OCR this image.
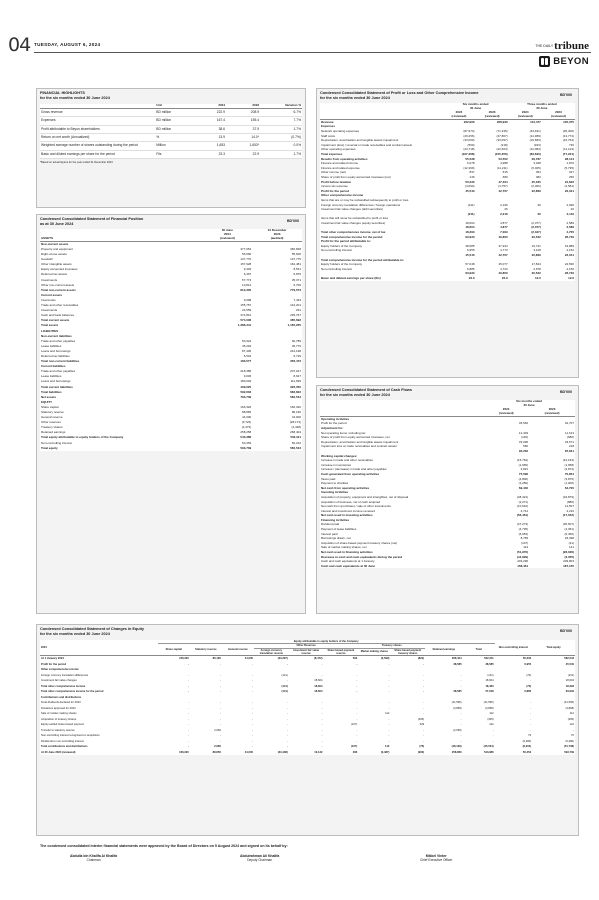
04 TUESDAY, AUGUST 6, 2024	THE DAILYtribune
BEYON
FINANCIAL HIGHLIGHTS
for the six months ended 30 June 2024
	Unit	2024	2023	Variation %
Gross revenue	BD million	222.9	208.9	6.7%
Expenses	BD million	167.4	155.4	7.7%
Profit attributable to Beyon shareholders	BD million	38.6	37.9	1.7%
Return on net worth (Annualized)	%	13.9	14.0*	(0.7%)
Weighted average number of shares outstanding during the period	Million	1,653	1,653*	0.0%
Basic and diluted earnings per share for the period	Fils	23.3	22.9	1.7%
*Based on actual figures for the year ended 31 December 2023
Condensed Consolidated Statement of Financial Position
as at 30 June 2024
BD'000
ASSETS	30 June
2024
(reviewed)	31 December
2023
(audited)
Non-current assets		
Property and equipment	377,054	366,838
Right-of-use assets	55,690	55,606
Goodwill	137,770	137,775
Other intangible assets	157,928	162,481
Equity accounted investees	9,403	8,541
Deferred tax assets	6,497	6,875
Investments	57,774	35,371
Other non-current assets	10,814	6,706
Total non-current assets	812,335	779,573
Current assets		
Inventories	9,098	7,433
Trade and other receivables	155,757	142,201
Investments	24,559	291
Cash and bank balances	374,812	235,767
Total current assets	574,006	385,692
Total assets	1,386,341	1,165,265
LIABILITIES		
Non-current liabilities		
Trade and other payables	50,324	60,789
Lease liabilities	45,294	45,776
Loans and borrowings	87,436	244,198
Deferred tax liabilities	5,523	5,729
Total non-current liabilities	183,577	356,472
Current liabilities		
Trade and other payables	218,386	207,027
Lease liabilities	9,036	8,627
Loans and borrowings	180,603	111,696
Total current liabilities	409,025	326,350
Total liabilities	592,602	682,822
Net assets	793,739	582,543
EQUITY		
Share capital	166,320	166,320
Statutory reserve	88,856	86,190
General reserve	44,000	44,000
Other reserves	(3,723)	(28,173)
Treasury shares	(4,473)	(4,438)
Retained earnings	258,258	268,404
Total equity attributable to equity holders of the Company	543,386	532,311
Non-controlling interest	50,453	50,232
Total equity	593,739	582,543
Condensed Consolidated Statement of Profit or Loss and Other Comprehensive Income
for the six months ended 30 June 2024
BD'000
	Six months ended
30 June		Three months ended
30 June	
	2024
(reviewed)	2023
(reviewed)	2024
(reviewed)	2023
(reviewed)
Revenue	222,906	208,930	113,477	105,375
Expenses				
Network operating expenses	(87,974)	(71,335)	(43,491)	(36,300)
Staff costs	(29,256)	(27,807)	(14,389)	(13,774)
Depreciation, amortisation and tangible assets impairment	(33,060)	(33,097)	(16,683)	(16,764)
Impairment (loss) / reversal on trade receivables and contract assets	(560)	(218)	(333)	730
Other operating expenses	(23,718)	(22,604)	(12,084)	(11,123)
Total expenses	(167,368)	(155,356)	(83,690)	(77,231)
Results from operating activities	55,538	53,552	29,787	28,144
Finance and related income	6,078	4,988	3,048	1,870
Finance and related expense	(12,369)	(11,211)	(6,025)	(5,735)
Other income (net)	837	615	454	327
Share of profit from equity accounted investees (net)	146	680	483	256
Profit before taxation	50,230	47,464	25,335	24,622
Income tax expense	(4,690)	(4,757)	(2,466)	(2,581)
Profit for the period	45,540	42,707	22,869	22,041
Other comprehensive income				
Items that are or may be reclassified subsequently to profit or loss				
Foreign currency translation differences / foreign operations	(211)	2,190	30	2,090
Investment fair value changes (debt securities)		26		26
	(211)	2,216	30	2,116
Items that will never be reclassified to profit or loss				
Investment fair value changes (equity securities)	18,604	4,877	(2,377)	2,589
	18,604	4,877	(2,377)	2,589
Total other comprehensive income, net of tax	18,393	7,093	(2,347)	4,705
Total comprehensive income for the period	63,933	49,800	20,522	26,746
Profit for the period attributable to:				
Equity holders of the Company	38,585	37,934	19,741	19,889
Non-controlling interest	6,955	4,773	3,128	2,152
	45,540	42,707	22,869	22,041
Total comprehensive income for the period attributable to:				
Equity holders of the Company	57,048	45,077	17,844	24,596
Non-controlling interest	6,885	4,723	2,678	2,150
	63,933	49,800	20,522	26,746
Basic and diluted earnings per share (fils)	23.3	22.9	12.0	12.0
Condensed Consolidated Statement of Cash Flows
for the six months ended 30 June 2024
BD'000
	Six months ended
30 June	
	2024
(reviewed)	2023
(reviewed)
Operating Activities		
Profit for the period	45,540	42,707
Adjustment for:		
Net operating items, including tax	12,403	11,613
Share of profit from equity accounted investees, net	(146)	(680)
Depreciation, amortisation and tangible assets impairment	33,095	33,571
Impairment loss on trade receivables and contract assets	560	218
	90,202	87,841
Working capital changes:		
Increase in trade and other receivables	(15,762)	(12,163)
Increase in inventories	(1,665)	(1,958)
Increase / (decrease) in trade and other payables	2,821	(2,874)
Cash generated from operating activities	75,596	70,854
Taxes paid	(4,806)	(3,875)
Payment to charities	(1,250)	(1,000)
Net cash from operating activities	69,440	64,700
Investing Activities		
Acquisition of property, equipment and intangibles, net of disposal	(48,421)	(34,879)
Acquisition of business, net of cash acquired	(2,271)	(880)
Net cash from (purchase) / sale of other investments	(10,610)	14,507
Interest and investment income received	4,741	4,210
Net cash used in investing activities	(56,461)	(17,042)
Financing Activities		
Dividend paid	(47,273)	(35,607)
Payment of lease liabilities	(4,735)	(4,351)
Interest paid	(6,653)	(6,466)
Borrowings drawn, net	8,765	18,398
Acquisition of share-based payment treasury shares (net)	(107)	(31)
Sale of market making shares, net	113	141
Net cash used in financing activities	(51,970)	(28,026)
Decrease in cash and cash equivalents during the period	(44,929)	(3,355)
Cash and cash equivalents at 1 January	203,290	209,803
Cash and cash equivalents at 30 June	158,461	187,155
Condensed Consolidated Statement of Changes in Equity
for the six months ended 30 June 2024
BD'000
2024	Equity attributable to equity holders of the Company										Non-controlling interest	Total equity
	Share capital	Statutory reserve	General reserve	Other Reserves			Treasury shares		Retained earnings	Total		
				Foreign currency translation reserve	Investment fair value reserve	Share based payment reserve	Market making shares	Share based payment treasury shares				
At 1 January 2024	166,320	86,190	44,000	(33,297)	(8,472)	593	(3,599)	(824)	268,404	532,311	50,232	582,543
Profit for the period	-	-	-	-	-	-	-	-	38,585	38,585	6,955	45,540
Other comprehensive income												
Foreign currency translation differences	-	-	-	(141)	-	-	-	-	-	(141)	(70)	(211)
Investment fair value changes	-	-	-	-	18,604	-	-	-	-	18,604	-	18,604
Total other comprehensive income	-	-	-	(141)	18,604	-	-	-	-	18,463	(70)	18,393
Total other comprehensive income for the period	-	-	-	(141)	18,604	-	-	-	38,585	57,048	6,885	63,933
Contributions and distributions												
Final dividends declared for 2023	-	-	-	-	-	-	-	-	(41,595)	(41,595)	-	(41,595)
Donations approved for 2023	-	-	-	-	-	-	-	-	(3,868)	(3,868)	-	(3,868)
Sale of market making shares	-	-	-	-	-	-	112	-	-	112	-	112
Acquisition of treasury shares	-	-	-	-	-	-	-	(305)	-	(305)	-	(305)
Equity-settled share-based payment	-	-	-	-	-	(107)	-	229	-	122	-	122
Transfer to statutory reserve	-	2,666	-	-	-	-	-	-	(2,666)	-	-	-
Non-controlling interest recognised on acquisition	-	-	-	-	-	-	-	-	-	-	76	76
Dividends to non-controlling interest	-	-	-	-	-	-	-	-	-	-	(6,280)	(6,280)
Total contributions and distributions	-	2,666	-	-	-	(107)	112	(76)	(48,129)	(45,534)	(6,204)	(51,738)
At 30 June 2024 (reviewed)	166,320	88,856	44,000	(33,438)	10,132	486	(3,487)	(900)	258,860	543,386	50,453	593,739
The condensed consolidated interim financial statements were approved by the Board of Directors on 5 August 2024 and signed on its behalf by:
Abdulla bin Khalifa Al Khalifa
Chairman
Abdulrahman Ali Khalifa
Deputy Chairman
Mikkel Vinter
Chief Executive Officer
